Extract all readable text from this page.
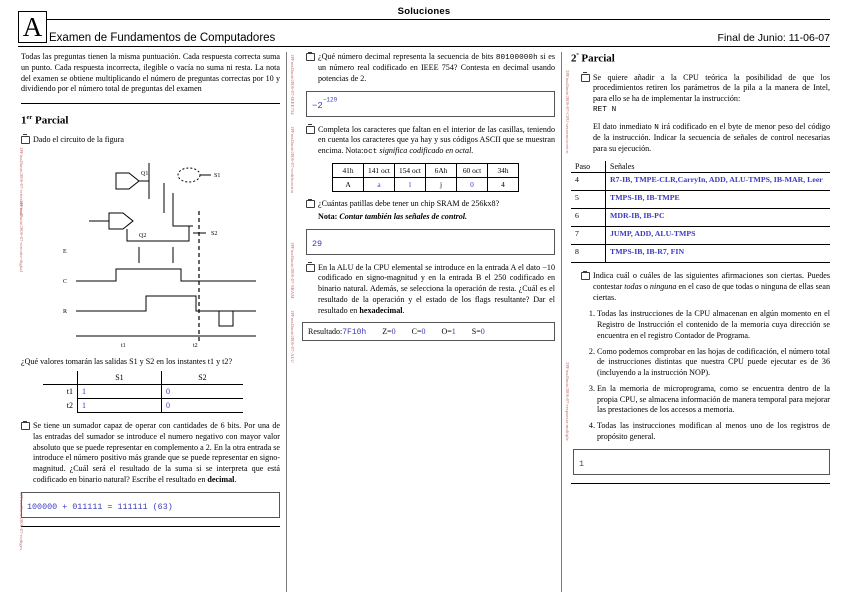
Soluciones
Examen de Fundamentos de Computadores	Final de Junio: 11-06-07
A

Todas las preguntas tienen la misma puntuación. Cada respuesta correcta suma un punto. Cada respuesta incorrecta, ilegible o vacía no suma ni resta. La nota del examen se obtiene multiplicando el número de preguntas correctas por 10 y dividiendo por el número total de preguntas del examen

1er Parcial
1PFinalJunio2006-07-circuito-digital
1PFinalJunio2006-07-criterios-eval
1PFinalJunio2006-07-codigos

Dado el circuito de la figura

Q1	S1
Q2	S2
E
C
R
t1	t2

¿Qué valores tomarán las salidas S1 y S2 en los instantes t1 y t2?

	S1	S2
t1	1	0
t2	1	0

Se tiene un sumador capaz de operar con cantidades de 6 bits. Por una de las entradas del sumador se introduce el numero negativo con mayor valor absoluto que se puede representar en complemento a 2. En la otra entrada se introduce el número positivo más grande que se puede representar en signo-magnitud. ¿Cuál será el resultado de la suma si se interpreta que está codificado en binario natural? Escribe el resultado en decimal.

100000 + 011111 = 111111 (63)
1PFinalJunio2006-07-IEEE754
1PFinalJunio2006-07-codificacion
1PFinalJunio2006-07-SRAM
1PFinalJunio2006-07-ALU

¿Qué número decimal representa la secuencia de bits 80100000h si es un número real codificado en IEEE 754? Contesta en decimal usando potencias de 2.

$-2^{-129}$

Completa los caracteres que faltan en el interior de las casillas, teniendo en cuenta los caracteres que ya hay y sus códigos ASCII que se muestran encima. Nota:oct significa codificado en octal.

41h	141 oct	154 oct	6Ah	60 oct	34h
A	a	l	j	0	4

¿Cuántas patillas debe tener un chip SRAM de 256kx8?

Nota: Contar también las señales de control.

29

En la ALU de la CPU elemental se introduce en la entrada A el dato −10 codificado en signo-magnitud y en la entrada B el 250 codificado en binario natural. Además, se selecciona la operación de resta. ¿Cuál es el resultado de la operación y el estado de los flags resultante? Dar el resultado en hexadecimal.

Resultado:7F10h Z=0 C=0 O=1 S=0
2PFinalJunio2006-07-CPU-secuencia-ret-n
2PFinalJunio2006-07-respuesta-multiple
$2^º$ Parcial

Se quiere añadir a la CPU teórica la posibilidad de que los procedimientos retiren los parámetros de la pila a la manera de Intel, para ello se ha de implementar la instrucción:

RET N

El dato inmediato N irá codificado en el byte de menor peso del código de la instrucción. Indicar la secuencia de señales de control necesarias para su ejecución.

Paso	Señales
4	R7-IB, TMPE-CLR,CarryIn, ADD, ALU-TMPS, IB-MAR, Leer
5	TMPS-IB, IB-TMPE
6	MDR-IB, IB-PC
7	JUMP, ADD, ALU-TMPS
8	TMPS-IB, IB-R7, FIN

Indica cuál o cuáles de las siguientes afirmaciones son ciertas. Puedes contestar todas o ninguna en el caso de que todas o ninguna de ellas sean ciertas.

1. Todas las instrucciones de la CPU almacenan en algún momento en el Registro de Instrucción el contenido de la memoria cuya dirección se encuentra en el registro Contador de Programa.
2. Como podemos comprobar en las hojas de codificación, el número total de instrucciones distintas que nuestra CPU puede ejecutar es de 36 (incluyendo a la instrucción NOP).
3. En la memoria de microprograma, como se encuentra dentro de la propia CPU, se almacena información de manera temporal para mejorar las prestaciones de los accesos a memoria.
4. Todas las instrucciones modifican al menos uno de los registros de propósito general.
1
